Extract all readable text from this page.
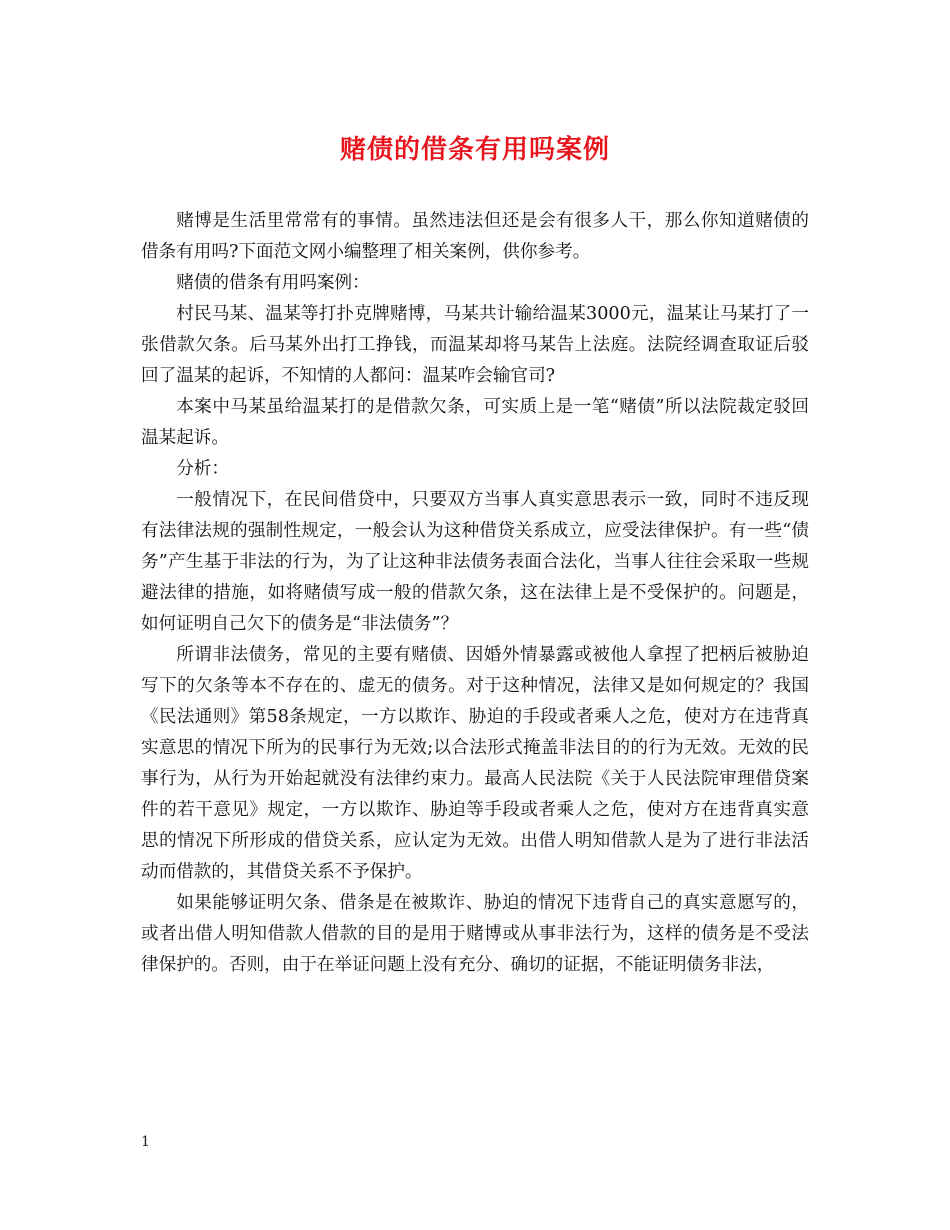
赌债的借条有用吗案例

赌博是生活里常常有的事情。虽然违法但还是会有很多人干，那么你知道赌债的借条有用吗?下面范文网小编整理了相关案例，供你参考。

赌债的借条有用吗案例：

村民马某、温某等打扑克牌赌博，马某共计输给温某3000元，温某让马某打了一张借款欠条。后马某外出打工挣钱，而温某却将马某告上法庭。法院经调查取证后驳回了温某的起诉，不知情的人都问：温某咋会输官司?

本案中马某虽给温某打的是借款欠条，可实质上是一笔“赌债”所以法院裁定驳回温某起诉。

分析：

一般情况下，在民间借贷中，只要双方当事人真实意思表示一致，同时不违反现有法律法规的强制性规定，一般会认为这种借贷关系成立，应受法律保护。有一些“债务”产生基于非法的行为，为了让这种非法债务表面合法化，当事人往往会采取一些规避法律的措施，如将赌债写成一般的借款欠条，这在法律上是不受保护的。问题是，如何证明自己欠下的债务是“非法债务”？

所谓非法债务，常见的主要有赌债、因婚外情暴露或被他人拿捏了把柄后被胁迫写下的欠条等本不存在的、虚无的债务。对于这种情况，法律又是如何规定的？我国《民法通则》第58条规定，一方以欺诈、胁迫的手段或者乘人之危，使对方在违背真实意思的情况下所为的民事行为无效;以合法形式掩盖非法目的的行为无效。无效的民事行为，从行为开始起就没有法律约束力。最高人民法院《关于人民法院审理借贷案件的若干意见》规定，一方以欺诈、胁迫等手段或者乘人之危，使对方在违背真实意思的情况下所形成的借贷关系，应认定为无效。出借人明知借款人是为了进行非法活动而借款的，其借贷关系不予保护。

如果能够证明欠条、借条是在被欺诈、胁迫的情况下违背自己的真实意愿写的，或者出借人明知借款人借款的目的是用于赌博或从事非法行为，这样的债务是不受法律保护的。否则，由于在举证问题上没有充分、确切的证据，不能证明债务非法，

1
